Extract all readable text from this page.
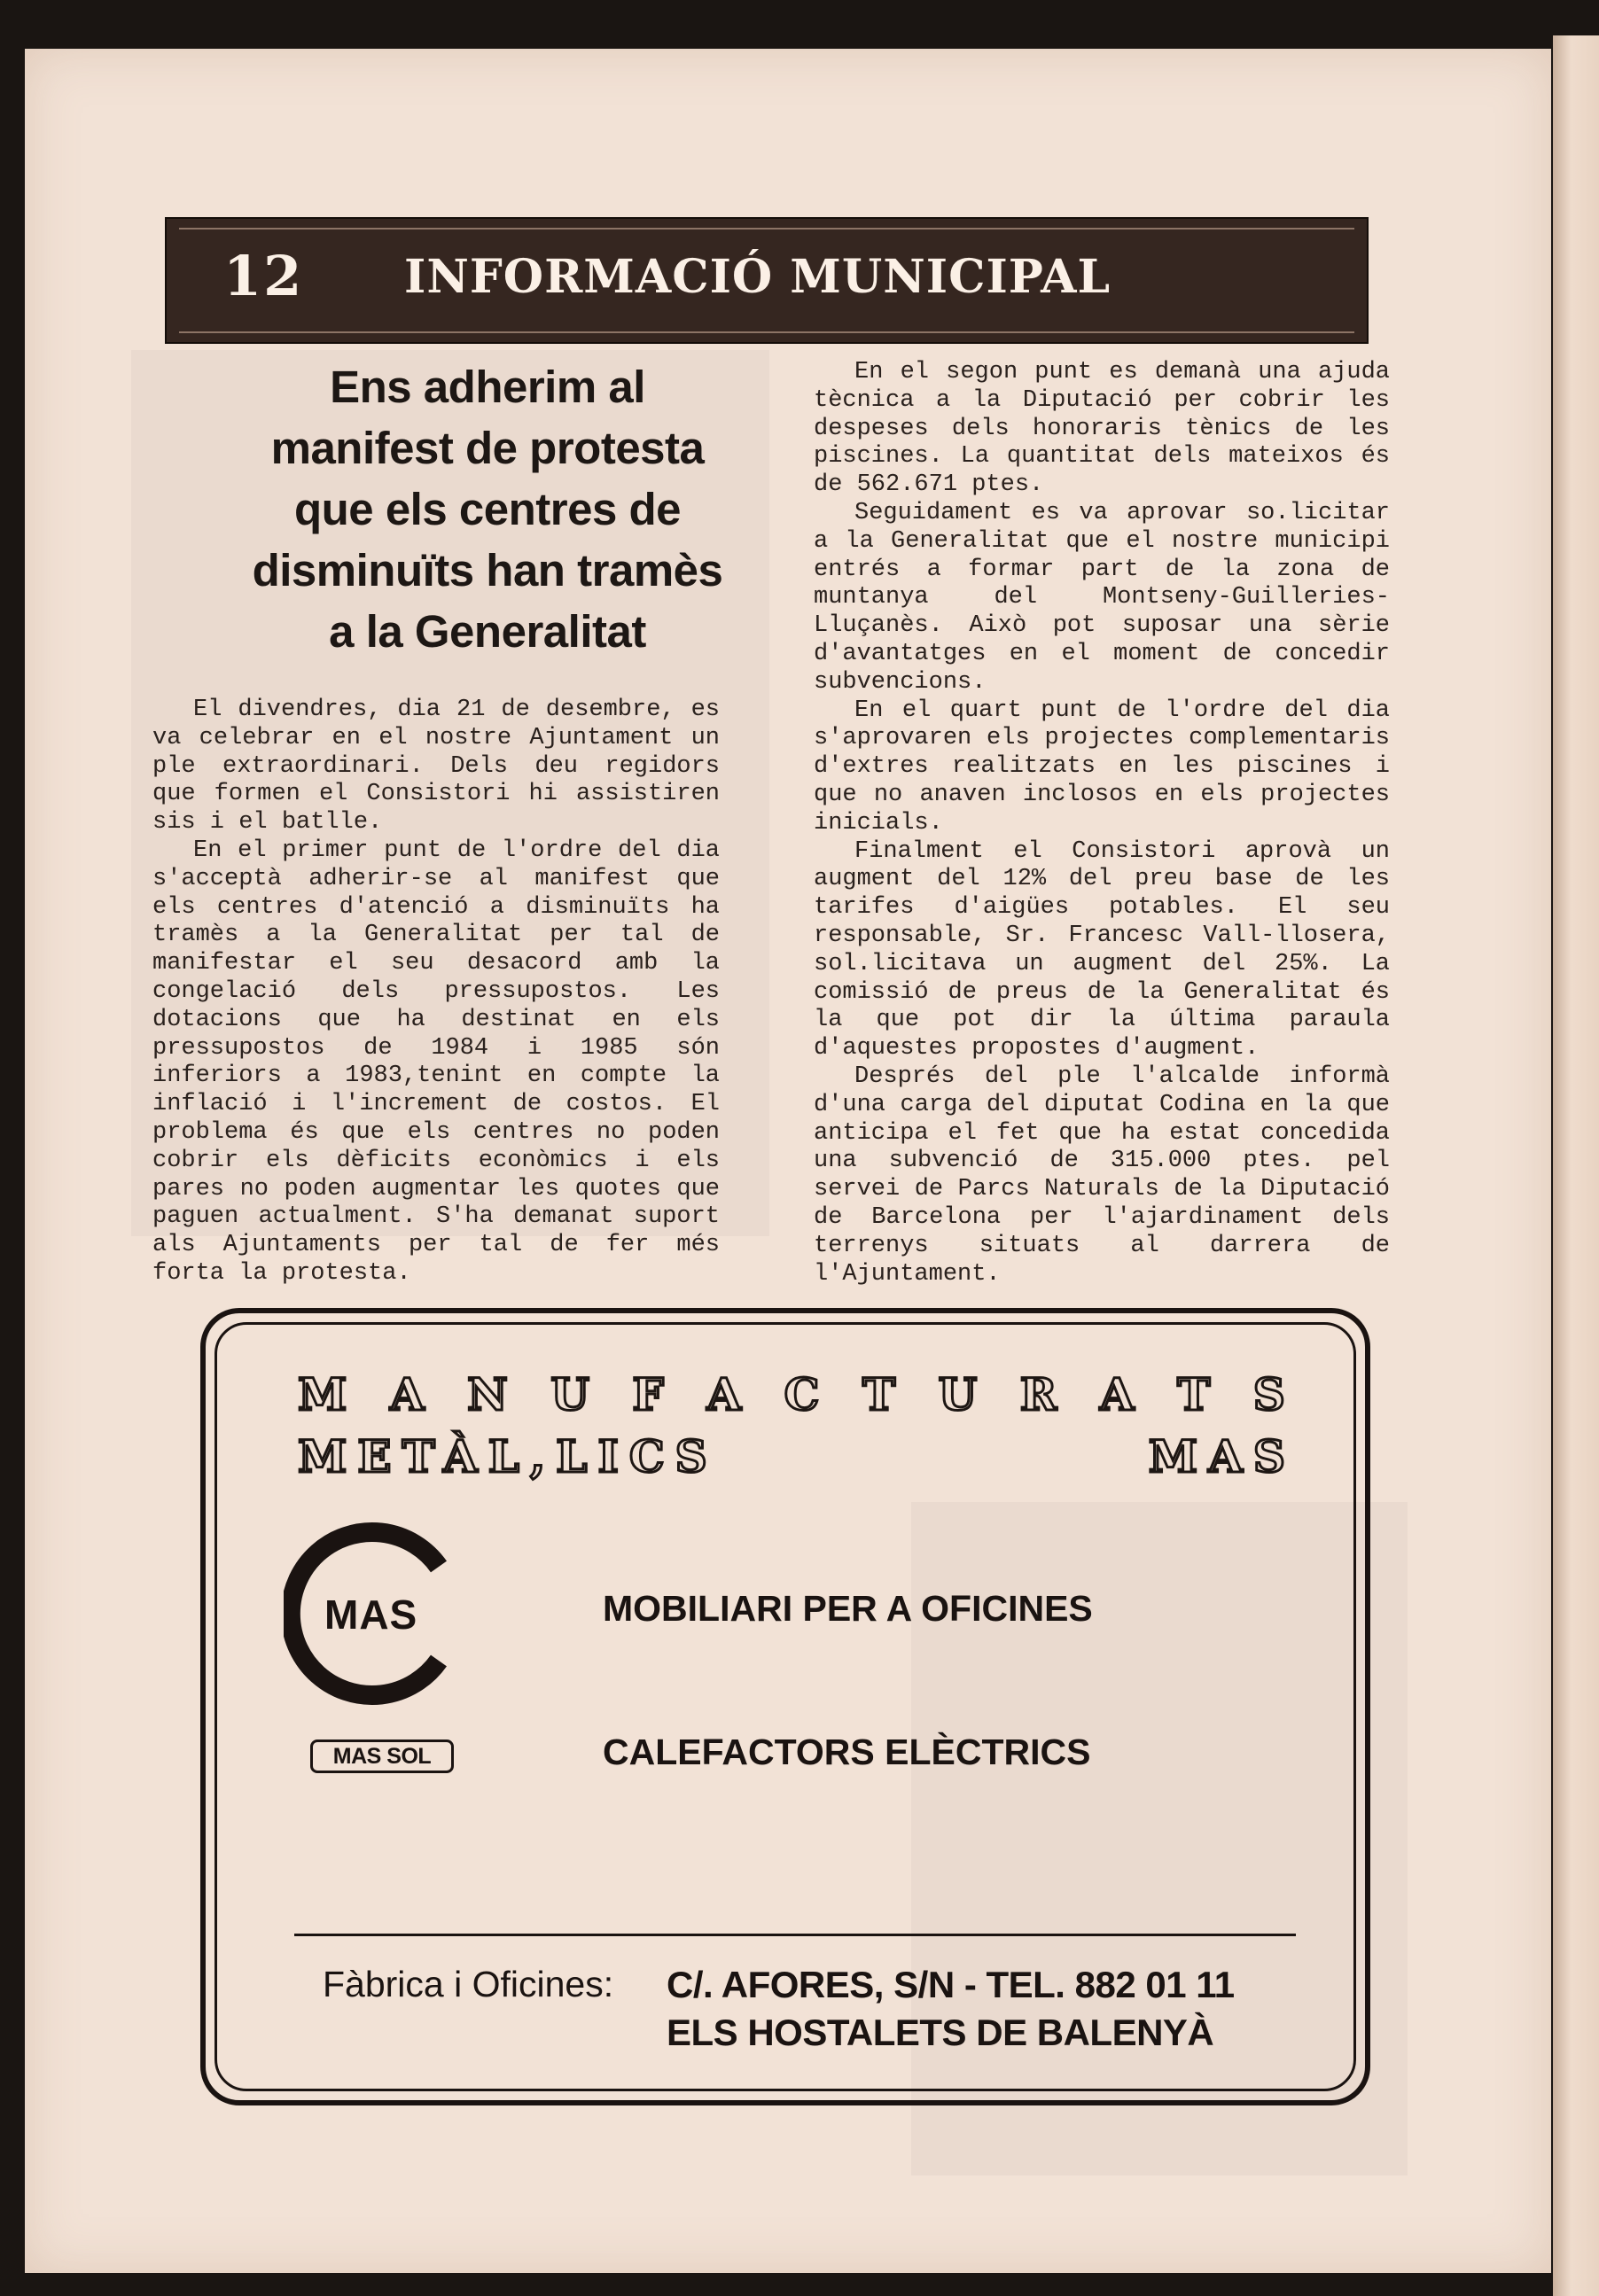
12 INFORMACIÓ MUNICIPAL
Ens adherim al
manifest de protesta
que els centres de
disminuïts han tramès
a la Generalitat

El divendres, dia 21 de desembre, es va celebrar en el nostre Ajuntament un ple extraordinari. Dels deu regidors que formen el Consistori hi assistiren sis i el batlle.

En el primer punt de l'ordre del dia s'acceptà adherir-se al manifest que els centres d'atenció a disminuïts ha tramès a la Generalitat per tal de manifestar el seu desacord amb la congelació dels pressupostos. Les dotacions que ha destinat en els pressupostos de 1984 i 1985 són inferiors a 1983,tenint en compte la inflació i l'increment de costos. El problema és que els centres no poden cobrir els dèficits econòmics i els pares no poden augmentar les quotes que paguen actualment. S'ha demanat suport als Ajuntaments per tal de fer més forta la protesta.

En el segon punt es demanà una ajuda tècnica a la Diputació per cobrir les despeses dels honoraris tènics de les piscines. La quantitat dels mateixos és de 562.671 ptes.

Seguidament es va aprovar so.licitar a la Generalitat que el nostre municipi entrés a formar part de la zona de muntanya del Montseny-Guilleries-Lluçanès. Això pot suposar una sèrie d'avantatges en el moment de concedir subvencions.

En el quart punt de l'ordre del dia s'aprovaren els projectes complementaris d'extres realitzats en les piscines i que no anaven inclosos en els projectes inicials.

Finalment el Consistori aprovà un augment del 12% del preu base de les tarifes d'aigües potables. El seu responsable, Sr. Francesc Vall-llosera, sol.licitava un augment del 25%. La comissió de preus de la Generalitat és la que pot dir la última paraula d'aquestes propostes d'augment.

Després del ple l'alcalde informà d'una carga del diputat Codina en la que anticipa el fet que ha estat concedida una subvenció de 315.000 ptes. pel servei de Parcs Naturals de la Diputació de Barcelona per l'ajardinament dels terrenys situats al darrera de l'Ajuntament.

M A N U F A C T U R A T S
METÀL,LICS	MAS
MAS
MAS SOL
MOBILIARI PER A OFICINES
CALEFACTORS ELÈCTRICS
Fàbrica i Oficines: C/. AFORES, S/N - TEL. 882 01 11
ELS HOSTALETS DE BALENYÀ
